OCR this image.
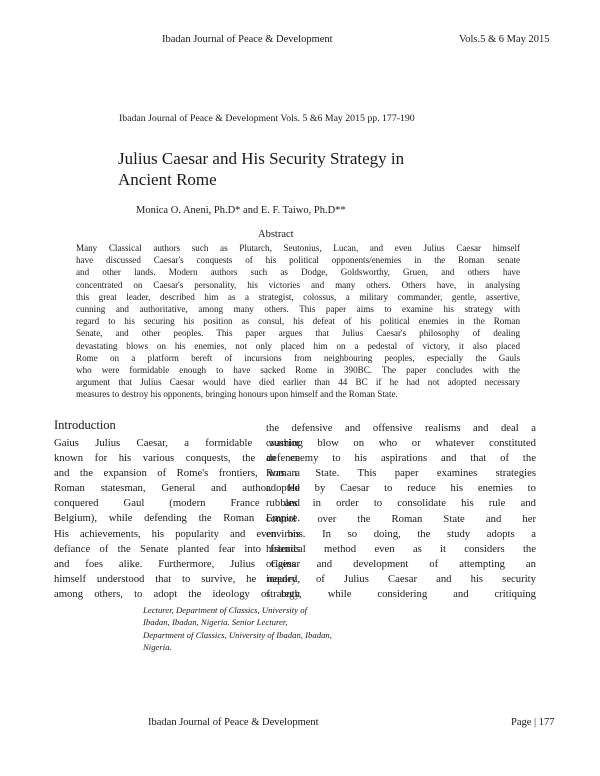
Ibadan Journal of Peace & Development	Vols.5 & 6 May 2015
Ibadan Journal of Peace & Development Vols. 5 &6 May 2015 pp. 177-190
Julius Caesar and His Security Strategy in
Ancient Rome
Monica O. Aneni, Ph.D* and E. F. Taiwo, Ph.D**
Abstract
Many Classical authors such as Plutarch, Seutonius, Lucan, and even Julius Caesar himself
have discussed Caesar's conquests of his political opponents/enemies in the Roman senate
and other lands. Modern authors such as Dodge, Goldsworthy, Gruen, and others have
concentrated on Caesar's personality, his victories and many others. Others have, in analysing
this great leader, described him as a strategist, colossus, a military commander, gentle, assertive,
cunning and authoritative, among many others. This paper aims to examine his strategy with
regard to his securing his position as consul, his defeat of his political enemies in the Roman
Senate, and other peoples. This paper argues that Julius Caesar's philosophy of dealing
devastating blows on his enemies, not only placed him on a pedestal of victory, it also placed
Rome on a platform bereft of incursions from neighbouring peoples, especially the Gauls
who were formidable enough to have sacked Rome in 390BC. The paper concludes with the
argument that Julius Caesar would have died earlier than 44 BC if he had not adopted necessary
measures to destroy his opponents, bringing honours upon himself and the Roman State.
Introduction
Gaius Julius Caesar, a formidable warrior
known for his various conquests, the defence
and the expansion of Rome's frontiers, was a
Roman statesman, General and author. He
conquered Gaul (modern France and
Belgium), while defending the Roman Empire.
His achievements, his popularity and even his
defiance of the Senate planted fear into friends
and foes alike. Furthermore, Julius Caesar
himself understood that to survive, he needed,
among others, to adopt the ideology of both
the defensive and offensive realisms and deal a
crushing blow on who or whatever constituted
an enemy to his aspirations and that of the
Roman State. This paper examines strategies
adopted by Caesar to reduce his enemies to
rubbles in order to consolidate his rule and
control over the Roman State and her
environs. In so doing, the study adopts a
historical method even as it considers the
origins and development of attempting an
inquiry of Julius Caesar and his security
strategy, while considering and critiquing
Lecturer, Department of Classics, University of
Ibadan, Ibadan, Nigeria. Senior Lecturer,
Department of Classics, University of Ibadan, Ibadan,
Nigeria.
Ibadan Journal of Peace & Development	Page | 177
